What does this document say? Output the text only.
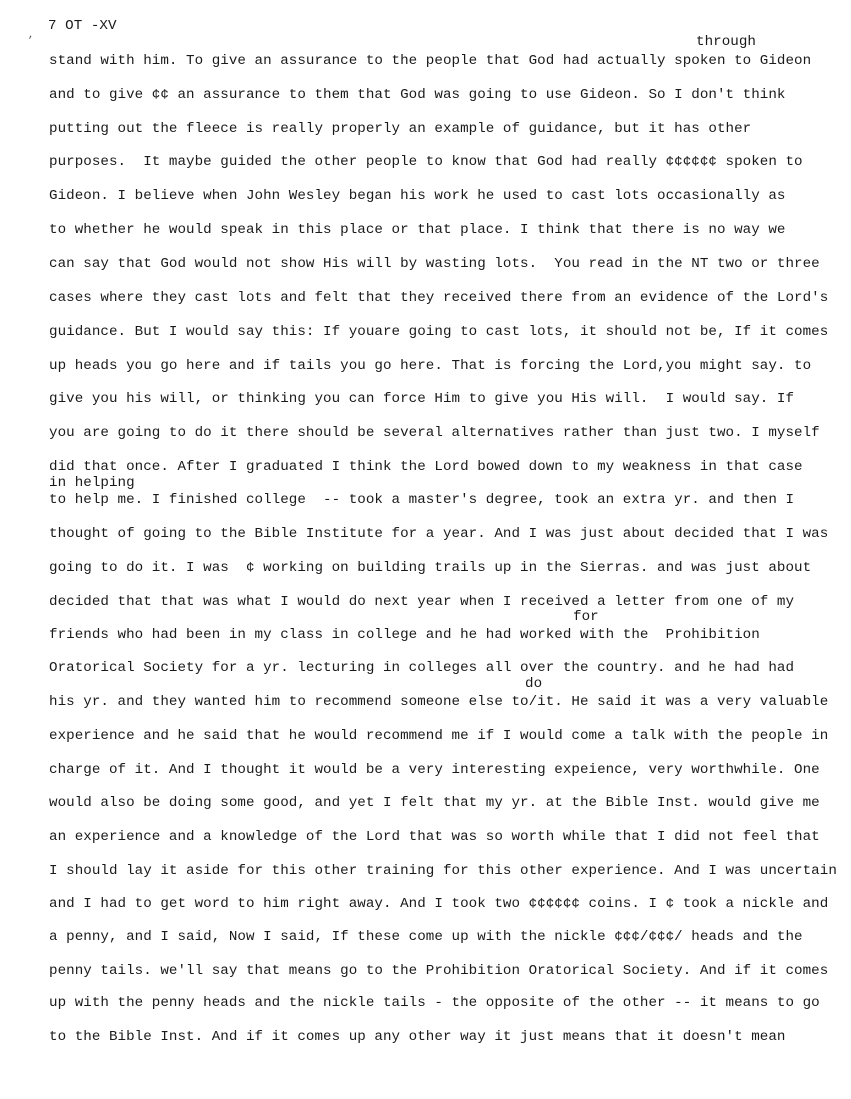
,
7 OT -XV
through
in helping
for
do
stand with him. To give an assurance to the people that God had actually spoken to Gideon
and to give ¢¢ an assurance to them that God was going to use Gideon. So I don't think
putting out the fleece is really properly an example of guidance, but it has other
purposes.  It maybe guided the other people to know that God had really ¢¢¢¢¢¢ spoken to
Gideon. I believe when John Wesley began his work he used to cast lots occasionally as
to whether he would speak in this place or that place. I think that there is no way we
can say that God would not show His will by wasting lots.  You read in the NT two or three
cases where they cast lots and felt that they received there from an evidence of the Lord's
guidance. But I would say this: If youare going to cast lots, it should not be, If it comes
up heads you go here and if tails you go here. That is forcing the Lord,you might say. to
give you his will, or thinking you can force Him to give you His will.  I would say. If
you are going to do it there should be several alternatives rather than just two. I myself
did that once. After I graduated I think the Lord bowed down to my weakness in that case
to help me. I finished college  -- took a master's degree, took an extra yr. and then I
thought of going to the Bible Institute for a year. And I was just about decided that I was
going to do it. I was  ¢ working on building trails up in the Sierras. and was just about
decided that that was what I would do next year when I received a letter from one of my
friends who had been in my class in college and he had worked with the  Prohibition
Oratorical Society for a yr. lecturing in colleges all over the country. and he had had
his yr. and they wanted him to recommend someone else to/it. He said it was a very valuable
experience and he said that he would recommend me if I would come a talk with the people in
charge of it. And I thought it would be a very interesting expeience, very worthwhile. One
would also be doing some good, and yet I felt that my yr. at the Bible Inst. would give me
an experience and a knowledge of the Lord that was so worth while that I did not feel that
I should lay it aside for this other training for this other experience. And I was uncertain
and I had to get word to him right away. And I took two ¢¢¢¢¢¢ coins. I ¢ took a nickle and
a penny, and I said, Now I said, If these come up with the nickle ¢¢¢/¢¢¢/ heads and the
penny tails. we'll say that means go to the Prohibition Oratorical Society. And if it comes
up with the penny heads and the nickle tails - the opposite of the other -- it means to go
to the Bible Inst. And if it comes up any other way it just means that it doesn't mean
